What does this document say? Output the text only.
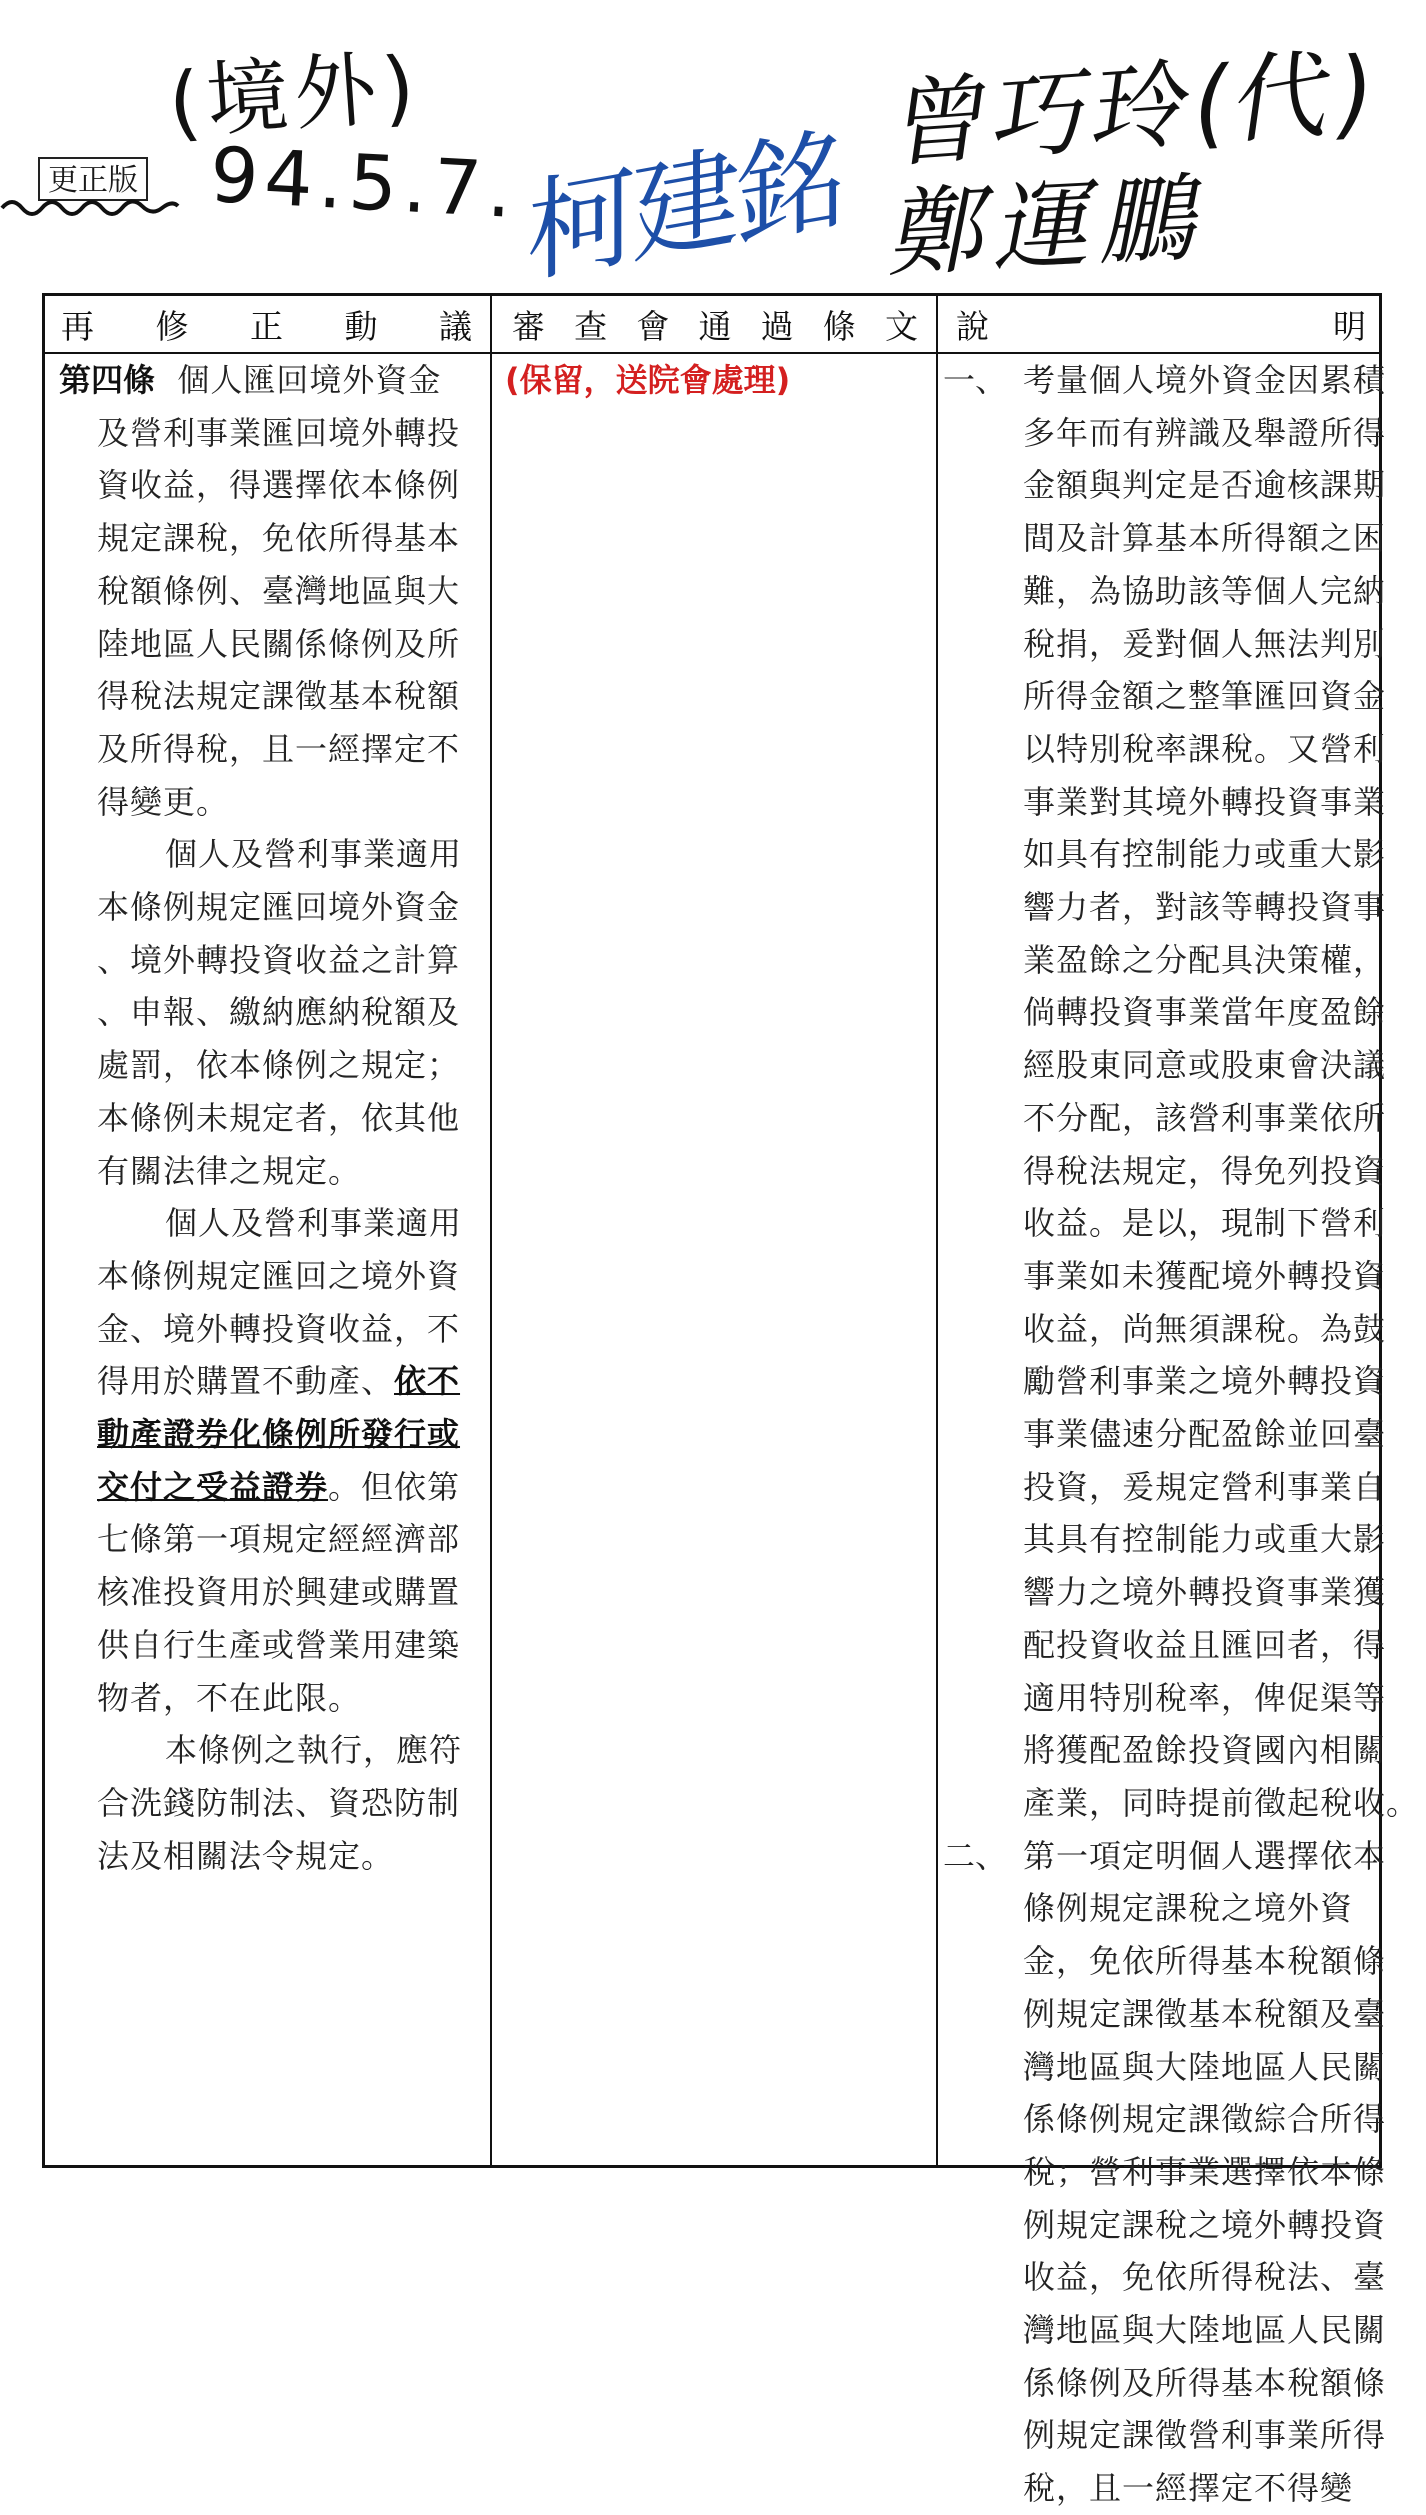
(境外)
94.5.7. 柯建銘
曾巧玲(代)
鄭運鵬
更正版
再 修 正 動 議 審 查 會 通 過 條 文 說	明
第四條 個人匯回境外資金
及營利事業匯回境外轉投
資收益，得選擇依本條例
規定課稅，免依所得基本
稅額條例、臺灣地區與大
陸地區人民關係條例及所
得稅法規定課徵基本稅額
及所得稅，且一經擇定不
得變更。
個人及營利事業適用
本條例規定匯回境外資金
、境外轉投資收益之計算
、申報、繳納應納稅額及
處罰，依本條例之規定；
本條例未規定者，依其他
有關法律之規定。
個人及營利事業適用
本條例規定匯回之境外資
金、境外轉投資收益，不
得用於購置不動產、依不
動產證券化條例所發行或
交付之受益證券。但依第
七條第一項規定經經濟部
核准投資用於興建或購置
供自行生產或營業用建築
物者，不在此限。
本條例之執行，應符
合洗錢防制法、資恐防制
法及相關法令規定。
(保留，送院會處理)	一、 考量個人境外資金因累積
多年而有辨識及舉證所得
金額與判定是否逾核課期
間及計算基本所得額之困
難，為協助該等個人完納
稅捐，爰對個人無法判別
所得金額之整筆匯回資金
以特別稅率課稅。又營利
事業對其境外轉投資事業
如具有控制能力或重大影
響力者，對該等轉投資事
業盈餘之分配具決策權，
倘轉投資事業當年度盈餘
經股東同意或股東會決議
不分配，該營利事業依所
得稅法規定，得免列投資
收益。是以，現制下營利
事業如未獲配境外轉投資
收益，尚無須課稅。為鼓
勵營利事業之境外轉投資
事業儘速分配盈餘並回臺
投資，爰規定營利事業自
其具有控制能力或重大影
響力之境外轉投資事業獲
配投資收益且匯回者，得
適用特別稅率，俾促渠等
將獲配盈餘投資國內相關
產業，同時提前徵起稅收。
二、 第一項定明個人選擇依本
條例規定課稅之境外資
金，免依所得基本稅額條
例規定課徵基本稅額及臺
灣地區與大陸地區人民關
係條例規定課徵綜合所得
稅；營利事業選擇依本條
例規定課稅之境外轉投資
收益，免依所得稅法、臺
灣地區與大陸地區人民關
係條例及所得基本稅額條
例規定課徵營利事業所得
稅，且一經擇定不得變
